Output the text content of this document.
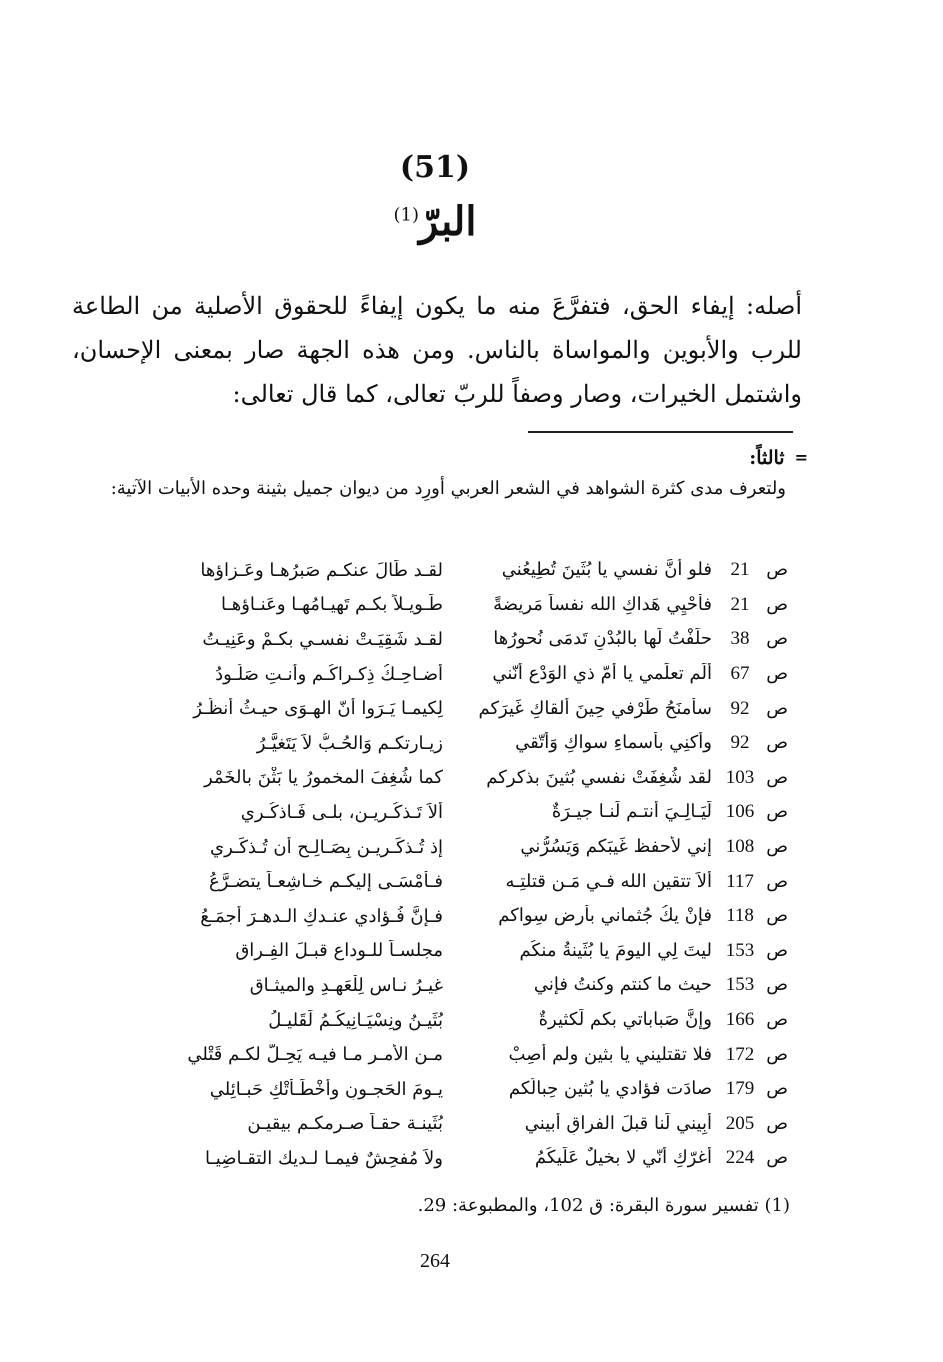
(51)
البرّ$^{(1)}$

أصله: إيفاء الحق، فتفرَّعَ منه ما يكون إيفاءً للحقوق الأصلية من الطاعة للرب والأبوين والمواساة بالناس. ومن هذه الجهة صار بمعنى الإحسان، واشتمل الخيرات، وصار وصفاً للربّ تعالى، كما قال تعالى:

=
ثالثاً:

ولتعرف مدى كثرة الشواهد في الشعر العربي أورِد من ديوان جميل بثينة وحده الأبيات الآتية:

ص
21
فلو أنَّ نفسي يا بُثَينَ تُطِيعُني
لقـد طَالَ عنكـم صَبرُهـا وعَـزاؤها
ص
21
فأحْيِي هَداكِ الله نفساً مَريضةً
طَـويـلاً بكـم تَهيـامُهـا وعَنـاؤهـا
ص
38
حلَفْتُ لَها بالبُدْنِ تَدمَى نُحورُها
لقـد شَقِيَـتْ نفسـي بكـمْ وعَنِيـتُ
ص
67
ألَم تعلَمي يا أمّ ذي الوَدْعِ أنّني
أضـاحِـكُ ذِكـراكُـم وأنـتِ صَلُـودُ
ص
92
سأمنَحُ طَرْفي حِينَ ألقاكِ غَيرَكم
لِكيمـا يَـرَوا أنّ الهـوَى حيـثُ أنظُـرُ
ص
92
وأَكنِي بأسماءِ سواكِ وَأَتّقي
زيـارتكـم وَالحُـبُّ لاَ يَتَغيَّـرُ
ص
103
لقد شُغِفَتْ نفسي بُثينَ بذكركم
كما شُغِفَ المخمورُ يا بَثْنَ بالخَمْرِ
ص
106
لَيَـالِـيَ أنتـم لَنـا جيـرَةٌ
ألاَ تَـذكُـرِيـن، بلـى فَـاذكُـرِي
ص
108
إني لأحفظ غَيبَكم وَيَسُرُّني
إذ تُـذكَـريـن بِصَـالِـحٍ أن تُـذكَـرِي
ص
117
ألاَ تتقين الله فـي مَـن قتلتِـه
فـأمْسَـى إليكـم خـاشِعـاً يتضـرَّعُ
ص
118
فإنْ يكُ جُثماني بأرضٍ سِواكم
فـإنَّ فُـؤادي عنـدكِ الـدهـرَ أجمَـعُ
ص
153
ليتَ لِي اليومَ يا بُثَينةُ منكُم
مجلسـاً للـوداع قبـلَ الفِـراقِ
ص
153
حيث ما كنتم وكنتُ فإني
غيـرُ نـاسٍ لِلْعَهـدِ والميثـاقِ
ص
166
وإنَّ صَباباتي بكم لَكثيرةٌ
بُثَيـنُ ونِسْيَـانِيكُـمُ لَقَليـلُ
ص
172
فلا تقتليني يا بثين ولم أصِبْ
مـن الأمـر مـا فيـه يَحِـلُّ لكـم قَتْلي
ص
179
صادَت فؤادي يا بُثين حِبالُكم
يـومَ الحَجـونِ وأخْطَـأتْكِ حَبـائِلي
ص
205
أبِيني لَنا قبلَ الفراقِ أبيني
بُثَينـة حقـاً صـرمكـم بيقيـنِ
ص
224
أغرّكِ أنّي لا بخيلٌ عَلَيكُمُ
ولاَ مُفحِشٌ فيمـا لـديك التقـاضِيـا
(1) تفسير سورة البقرة: ق 102، والمطبوعة: 29.
264
